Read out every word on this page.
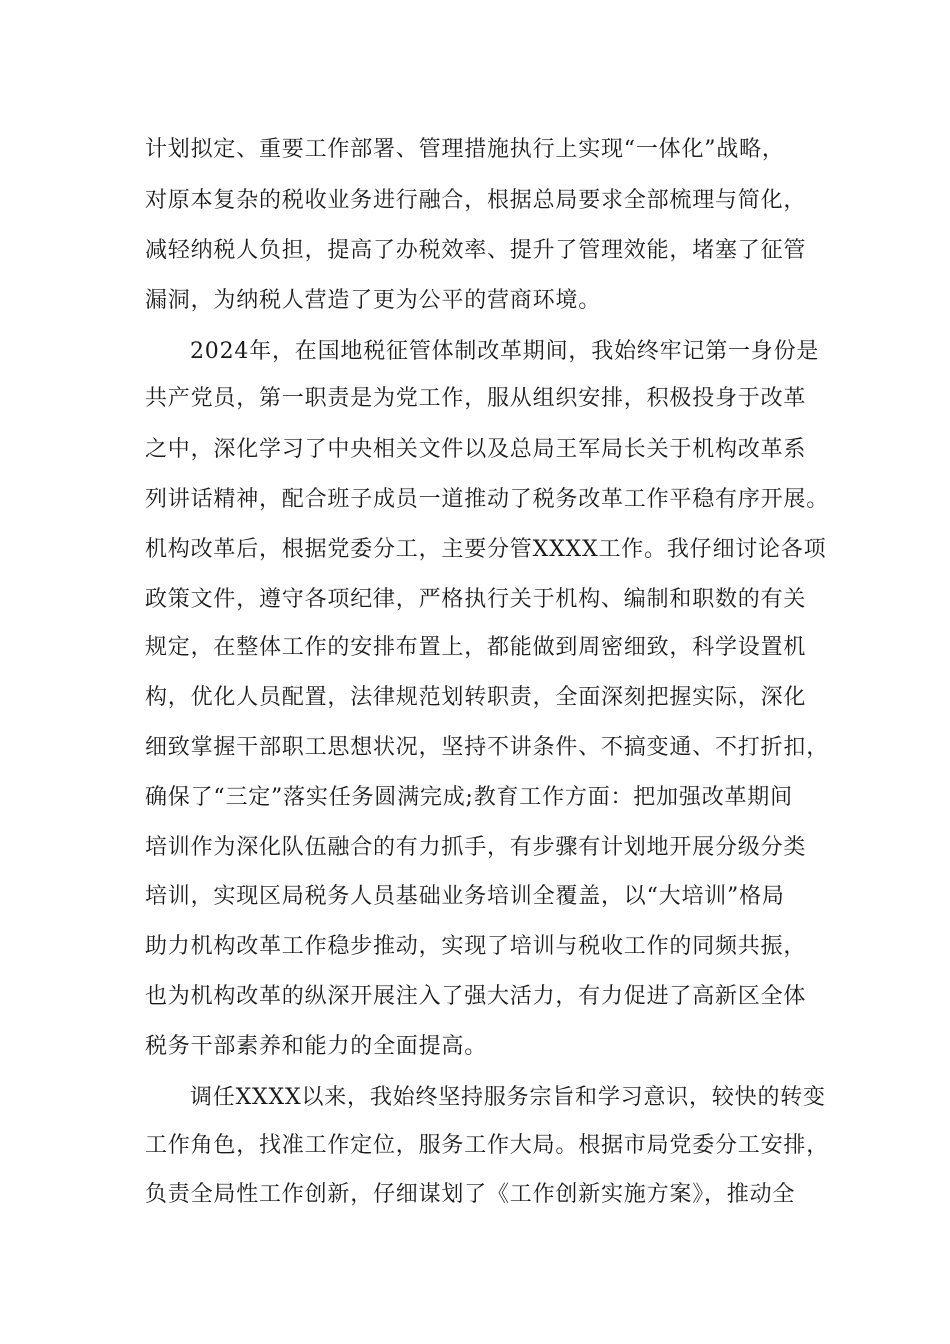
计划拟定、重要工作部署、管理措施执行上实现“一体化”战略，
对原本复杂的税收业务进行融合，根据总局要求全部梳理与简化，
减轻纳税人负担，提高了办税效率、提升了管理效能，堵塞了征管
漏洞，为纳税人营造了更为公平的营商环境。
2024年，在国地税征管体制改革期间，我始终牢记第一身份是
共产党员，第一职责是为党工作，服从组织安排，积极投身于改革
之中，深化学习了中央相关文件以及总局王军局长关于机构改革系
列讲话精神，配合班子成员一道推动了税务改革工作平稳有序开展。
机构改革后，根据党委分工，主要分管XXXX工作。我仔细讨论各项
政策文件，遵守各项纪律，严格执行关于机构、编制和职数的有关
规定，在整体工作的安排布置上，都能做到周密细致，科学设置机
构，优化人员配置，法律规范划转职责，全面深刻把握实际，深化
细致掌握干部职工思想状况，坚持不讲条件、不搞变通、不打折扣，
确保了“三定”落实任务圆满完成;教育工作方面：把加强改革期间
培训作为深化队伍融合的有力抓手，有步骤有计划地开展分级分类
培训，实现区局税务人员基础业务培训全覆盖，以“大培训”格局
助力机构改革工作稳步推动，实现了培训与税收工作的同频共振，
也为机构改革的纵深开展注入了强大活力，有力促进了高新区全体
税务干部素养和能力的全面提高。
调任XXXX以来，我始终坚持服务宗旨和学习意识，较快的转变
工作角色，找准工作定位，服务工作大局。根据市局党委分工安排，
负责全局性工作创新，仔细谋划了《工作创新实施方案》，推动全
